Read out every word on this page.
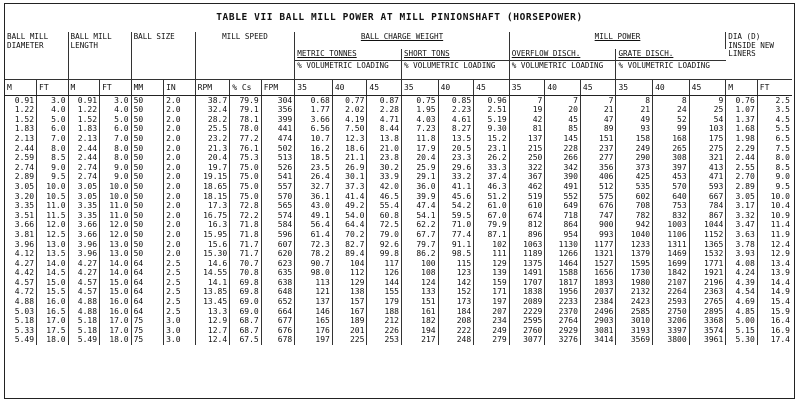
TABLE VII BALL MILL POWER AT MILL PINIONSHAFT (HORSEPOWER)
BALL MILL DIAMETER		BALL MILL LENGTH		BALL SIZE		MILL SPEED			BALL CHARGE WEIGHT						MILL POWER						DIA (D) INSIDE NEW LINERS	
									METRIC TONNES			SHORT TONS			OVERFLOW DISCH.			GRATE DISCH.				
									% VOLUMETRIC LOADING			% VOLUMETRIC LOADING			% VOLUMETRIC LOADING			% VOLUMETRIC LOADING				
M	FT	M	FT	MM	IN	RPM	% Cs	FPM	35	40	45	35	40	45	35	40	45	35	40	45	M	FT
0.91	3.0	0.91	3.0	50	2.0	38.7	79.9	304	0.68	0.77	0.87	0.75	0.85	0.96	7	7	7	8	8	9	0.76	2.5
1.22	4.0	1.22	4.0	50	2.0	32.4	79.1	356	1.77	2.02	2.28	1.95	2.23	2.51	19	20	21	21	24	25	1.07	3.5
1.52	5.0	1.52	5.0	50	2.0	28.2	78.1	399	3.66	4.19	4.71	4.03	4.61	5.19	42	45	47	49	52	54	1.37	4.5
1.83	6.0	1.83	6.0	50	2.0	25.5	78.0	441	6.56	7.50	8.44	7.23	8.27	9.30	81	85	89	93	99	103	1.68	5.5
2.13	7.0	2.13	7.0	50	2.0	23.2	77.2	474	10.7	12.3	13.8	11.8	13.5	15.2	137	145	151	158	168	175	1.98	6.5
2.44	8.0	2.44	8.0	50	2.0	21.3	76.1	502	16.2	18.6	21.0	17.9	20.5	23.1	215	228	237	249	265	275	2.29	7.5
2.59	8.5	2.44	8.0	50	2.0	20.4	75.3	513	18.5	21.1	23.8	20.4	23.3	26.2	250	266	277	290	308	321	2.44	8.0
2.74	9.0	2.74	9.0	50	2.0	19.7	75.0	526	23.5	26.9	30.2	25.9	29.6	33.3	322	342	356	373	397	413	2.55	8.5
2.89	9.5	2.74	9.0	50	2.0	19.15	75.0	541	26.4	30.1	33.9	29.1	33.2	37.4	367	390	406	425	453	471	2.70	9.0
3.05	10.0	3.05	10.0	50	2.0	18.65	75.0	557	32.7	37.3	42.0	36.0	41.1	46.3	462	491	512	535	570	593	2.89	9.5
3.20	10.5	3.05	10.0	50	2.0	18.15	75.0	570	36.1	41.4	46.5	39.9	45.6	51.2	519	552	575	602	640	667	3.05	10.0
3.35	11.0	3.35	11.0	50	2.0	17.3	72.8	565	43.0	49.2	55.4	47.4	54.2	61.0	610	649	676	708	753	784	3.17	10.4
3.51	11.5	3.35	11.0	50	2.0	16.75	72.2	574	49.1	54.0	60.8	54.1	59.5	67.0	674	718	747	782	832	867	3.32	10.9
3.66	12.0	3.66	12.0	50	2.0	16.3	71.8	584	56.4	64.4	72.5	62.2	71.0	79.9	812	864	900	942	1003	1044	3.47	11.4
3.81	12.5	3.66	12.0	50	2.0	15.95	71.8	596	61.4	70.2	79.0	67.7	77.4	87.1	896	954	993	1040	1106	1152	3.63	11.9
3.96	13.0	3.96	13.0	50	2.0	15.6	71.7	607	72.3	82.7	92.6	79.7	91.1	102	1063	1130	1177	1233	1311	1365	3.78	12.4
4.12	13.5	3.96	13.0	50	2.0	15.30	71.7	620	78.2	89.4	99.8	86.2	98.5	111	1189	1266	1321	1379	1469	1532	3.93	12.9
4.27	14.0	4.27	14.0	64	2.5	14.6	70.7	623	90.7	104	117	100	115	129	1375	1464	1527	1595	1699	1771	4.08	13.4
4.42	14.5	4.27	14.0	64	2.5	14.55	70.8	635	98.0	112	126	108	123	139	1491	1588	1656	1730	1842	1921	4.24	13.9
4.57	15.0	4.57	15.0	64	2.5	14.1	69.8	638	113	129	144	124	142	159	1707	1817	1893	1980	2107	2196	4.39	14.4
4.72	15.5	4.57	15.0	64	2.5	13.85	69.8	648	121	138	155	133	152	171	1838	1956	2037	2132	2264	2363	4.54	14.9
4.88	16.0	4.88	16.0	64	2.5	13.45	69.0	652	137	157	179	151	173	197	2089	2233	2384	2423	2593	2765	4.69	15.4
5.03	16.5	4.88	16.0	64	2.5	13.3	69.0	664	146	167	188	161	184	207	2229	2370	2496	2585	2750	2895	4.85	15.9
5.18	17.0	5.18	17.0	75	3.0	12.9	68.7	677	165	189	212	182	208	234	2595	2764	2903	3010	3206	3368	5.00	16.4
5.33	17.5	5.18	17.0	75	3.0	12.7	68.7	676	176	201	226	194	222	249	2760	2929	3081	3193	3397	3574	5.15	16.9
5.49	18.0	5.49	18.0	75	3.0	12.4	67.5	678	197	225	253	217	248	279	3077	3276	3414	3569	3800	3961	5.30	17.4
